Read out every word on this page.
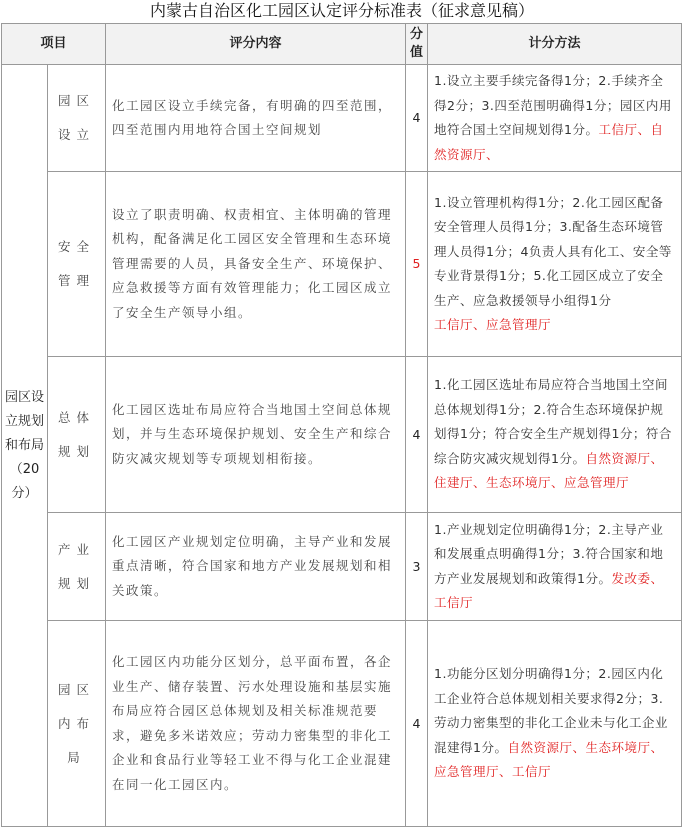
内蒙古自治区化工园区认定评分标准表（征求意见稿）
项目		评分内容	分值	计分方法
园区设立规划和布局（20分）	园区设立	化工园区设立手续完备，有明确的四至范围，四至范围内用地符合国土空间规划	4	1.设立主要手续完备得1分；2.手续齐全得2分；3.四至范围明确得1分；园区内用地符合国土空间规划得1分。工信厅、自然资源厅、
	安全管理	设立了职责明确、权责相宜、主体明确的管理机构，配备满足化工园区安全管理和生态环境管理需要的人员，具备安全生产、环境保护、应急救援等方面有效管理能力；化工园区成立了安全生产领导小组。	5	1.设立管理机构得1分；2.化工园区配备安全管理人员得1分；3.配备生态环境管理人员得1分；4负责人具有化工、安全等专业背景得1分；5.化工园区成立了安全生产、应急救援领导小组得1分
工信厅、应急管理厅
	总体规划	化工园区选址布局应符合当地国土空间总体规划，并与生态环境保护规划、安全生产和综合防灾减灾规划等专项规划相衔接。	4	1.化工园区选址布局应符合当地国土空间总体规划得1分；2.符合生态环境保护规划得1分；符合安全生产规划得1分；符合综合防灾减灾规划得1分。自然资源厅、住建厅、生态环境厅、应急管理厅
	产业规划	化工园区产业规划定位明确，主导产业和发展重点清晰，符合国家和地方产业发展规划和相关政策。	3	1.产业规划定位明确得1分；2.主导产业和发展重点明确得1分；3.符合国家和地方产业发展规划和政策得1分。发改委、工信厅
	园区内布局	化工园区内功能分区划分，总平面布置，各企业生产、储存装置、污水处理设施和基层实施布局应符合园区总体规划及相关标准规范要求，避免多米诺效应；劳动力密集型的非化工企业和食品行业等轻工业不得与化工企业混建在同一化工园区内。	4	1.功能分区划分明确得1分；2.园区内化工企业符合总体规划相关要求得2分；3.劳动力密集型的非化工企业未与化工企业混建得1分。自然资源厅、生态环境厅、应急管理厅、工信厅
